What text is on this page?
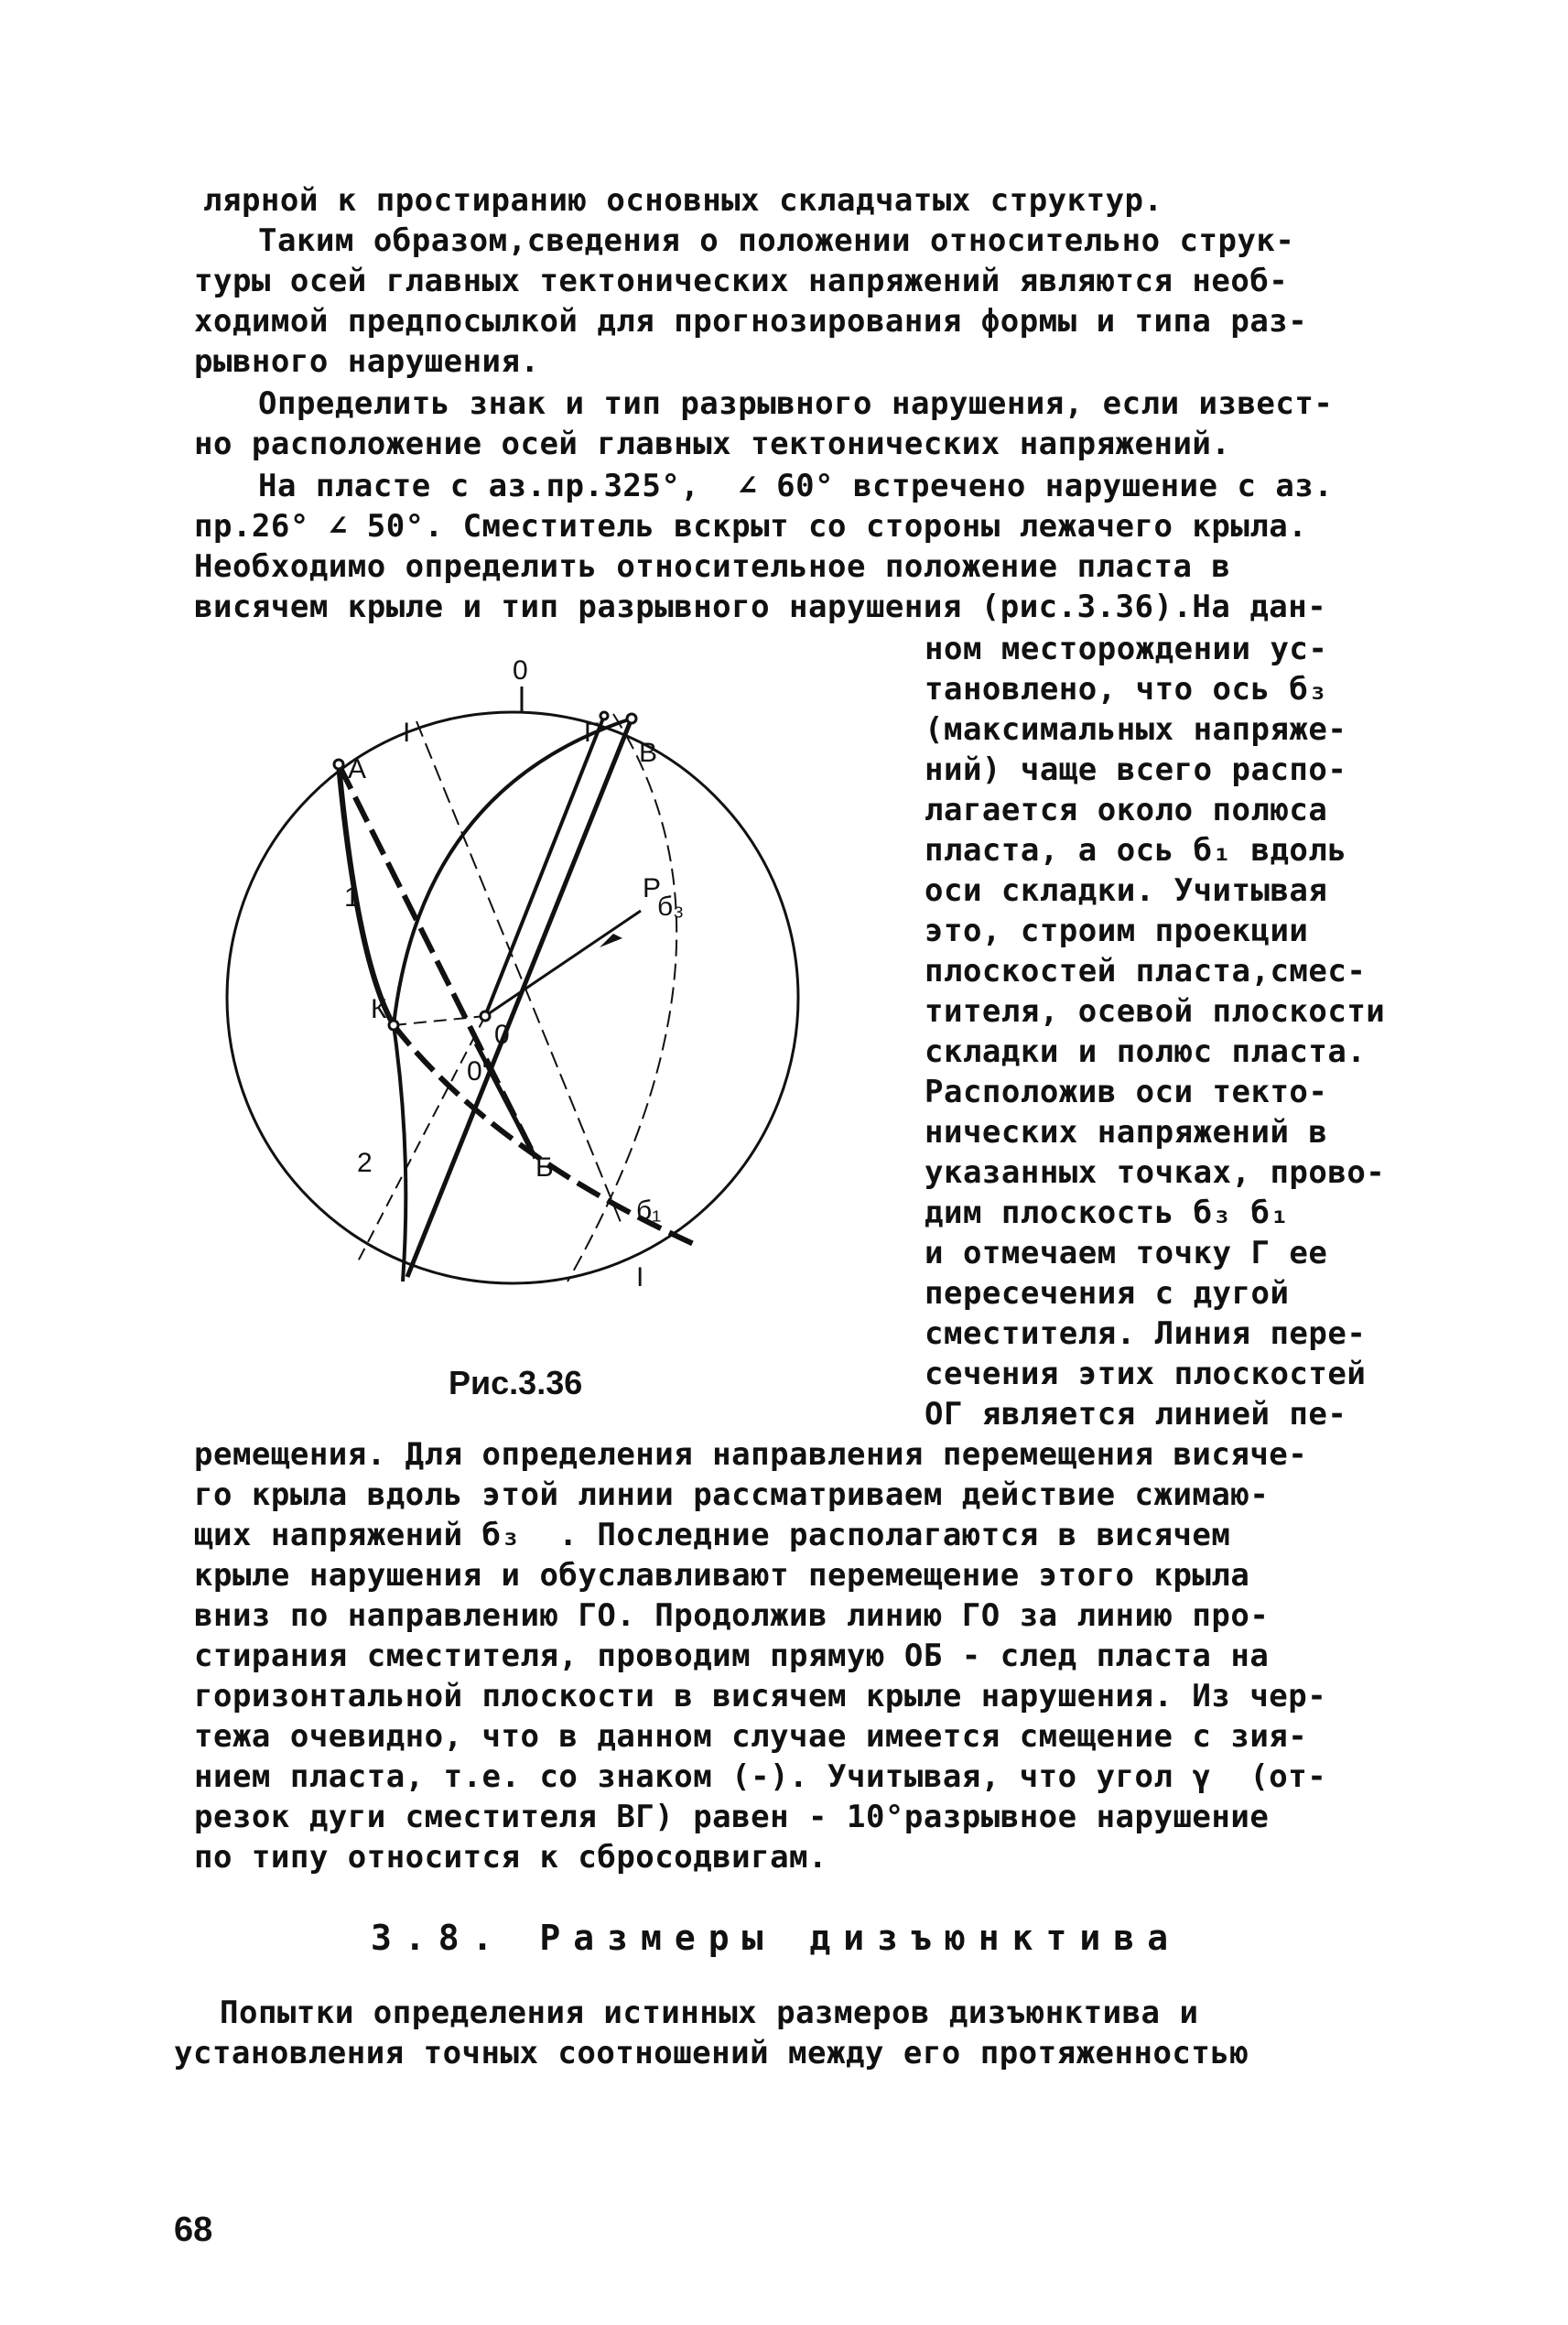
лярной к простиранию основных складчатых структур.
Таким образом,сведения о положении относительно струк-
туры осей главных тектонических напряжений являются необ-
ходимой предпосылкой для прогнозирования формы и типа раз-
рывного нарушения.
Определить знак и тип разрывного нарушения, если извест-
но расположение осей главных тектонических напряжений.
На пласте с аз.пр.325°,  ∠ 60° встречено нарушение с аз.
пр.26° ∠ 50°. Сместитель вскрыт со стороны лежачего крыла.
Необходимо определить относительное положение пласта в
висячем крыле и тип разрывного нарушения (рис.3.36).На дан-
ном месторождении ус-
тановлено, что ось б₃
(максимальных напряже-
ний) чаще всего распо-
лагается около полюса
пласта, а ось б₁ вдоль
оси складки. Учитывая
это, строим проекции
плоскостей пласта,смес-
тителя, осевой плоскости
складки и полюс пласта.
Расположив оси текто-
нических напряжений в
указанных точках, прово-
дим плоскость б₃ б₁
и отмечаем точку Г ее
пересечения с дугой
сместителя. Линия пере-
сечения этих плоскостей
ОГ является линией пе-
0
I	Г
В
А
1
К
2
Р
б₃
0
0'
Б
б₁
I
Рис.3.36
ремещения. Для определения направления перемещения висяче-
го крыла вдоль этой линии рассматриваем действие сжимаю-
щих напряжений б₃  . Последние располагаются в висячем
крыле нарушения и обуславливают перемещение этого крыла
вниз по направлению ГО. Продолжив линию ГО за линию про-
стирания сместителя, проводим прямую ОБ - след пласта на
горизонтальной плоскости в висячем крыле нарушения. Из чер-
тежа очевидно, что в данном случае имеется смещение с зия-
нием пласта, т.е. со знаком (-). Учитывая, что угол γ  (от-
резок дуги сместителя ВГ) равен - 10°разрывное нарушение
по типу относится к сбросодвигам.
3.8. Размеры дизъюнктива
Попытки определения истинных размеров дизъюнктива и
установления точных соотношений между его протяженностью
68
